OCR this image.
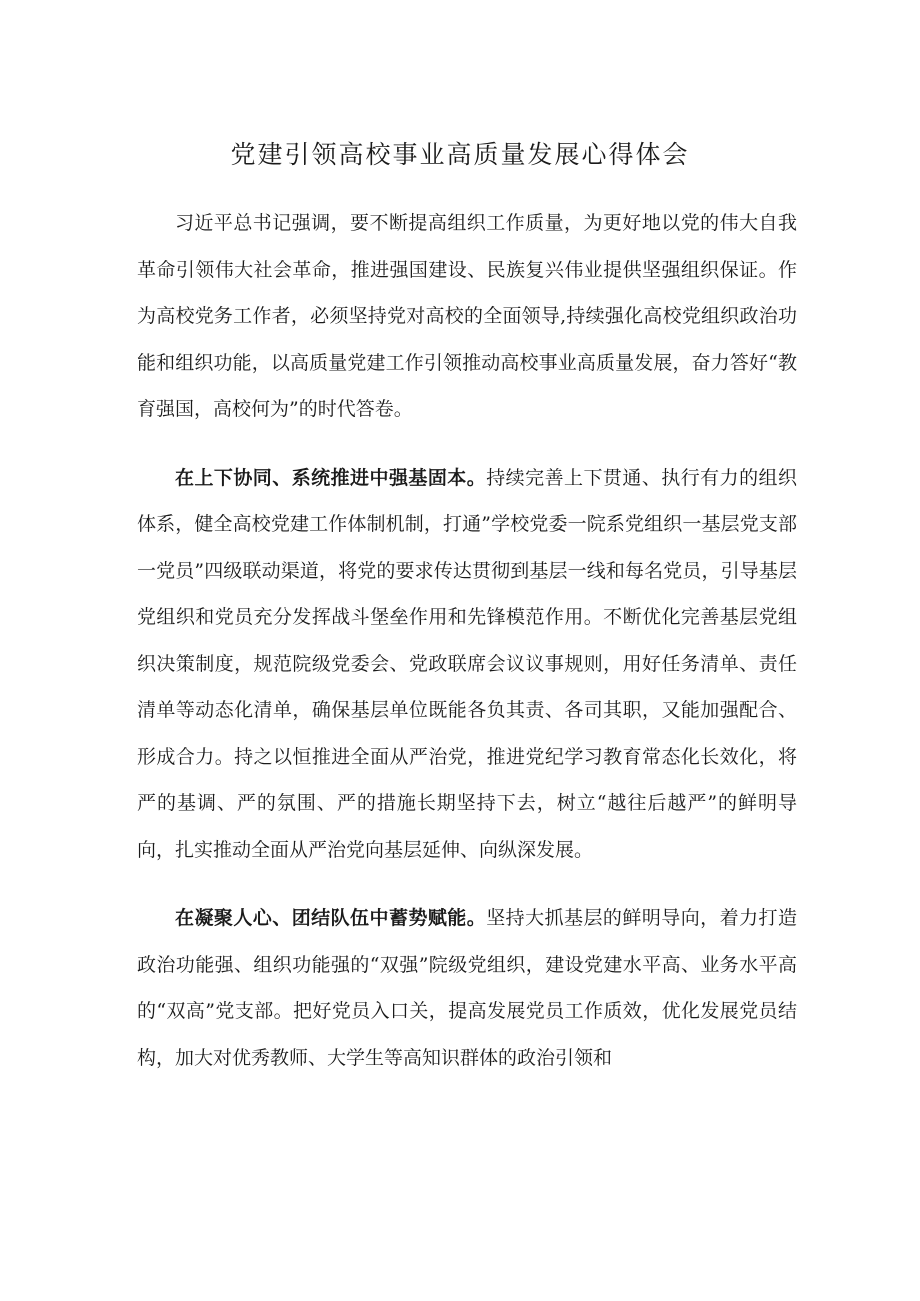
党建引领高校事业高质量发展心得体会

习近平总书记强调，要不断提高组织工作质量，为更好地以党的伟大自我革命引领伟大社会革命，推进强国建设、民族复兴伟业提供坚强组织保证。作为高校党务工作者，必须坚持党对高校的全面领导,持续强化高校党组织政治功能和组织功能，以高质量党建工作引领推动高校事业高质量发展，奋力答好“教育强国，高校何为”的时代答卷。

在上下协同、系统推进中强基固本。持续完善上下贯通、执行有力的组织体系，健全高校党建工作体制机制，打通”学校党委一院系党组织一基层党支部一党员”四级联动渠道，将党的要求传达贯彻到基层一线和每名党员，引导基层党组织和党员充分发挥战斗堡垒作用和先锋模范作用。不断优化完善基层党组织决策制度，规范院级党委会、党政联席会议议事规则，用好任务清单、责任清单等动态化清单，确保基层单位既能各负其责、各司其职，又能加强配合、形成合力。持之以恒推进全面从严治党，推进党纪学习教育常态化长效化，将严的基调、严的氛围、严的措施长期坚持下去，树立“越往后越严”的鲜明导向，扎实推动全面从严治党向基层延伸、向纵深发展。

在凝聚人心、团结队伍中蓄势赋能。坚持大抓基层的鲜明导向，着力打造政治功能强、组织功能强的“双强”院级党组织，建设党建水平高、业务水平高的“双高”党支部。把好党员入口关，提高发展党员工作质效，优化发展党员结构，加大对优秀教师、大学生等高知识群体的政治引领和
